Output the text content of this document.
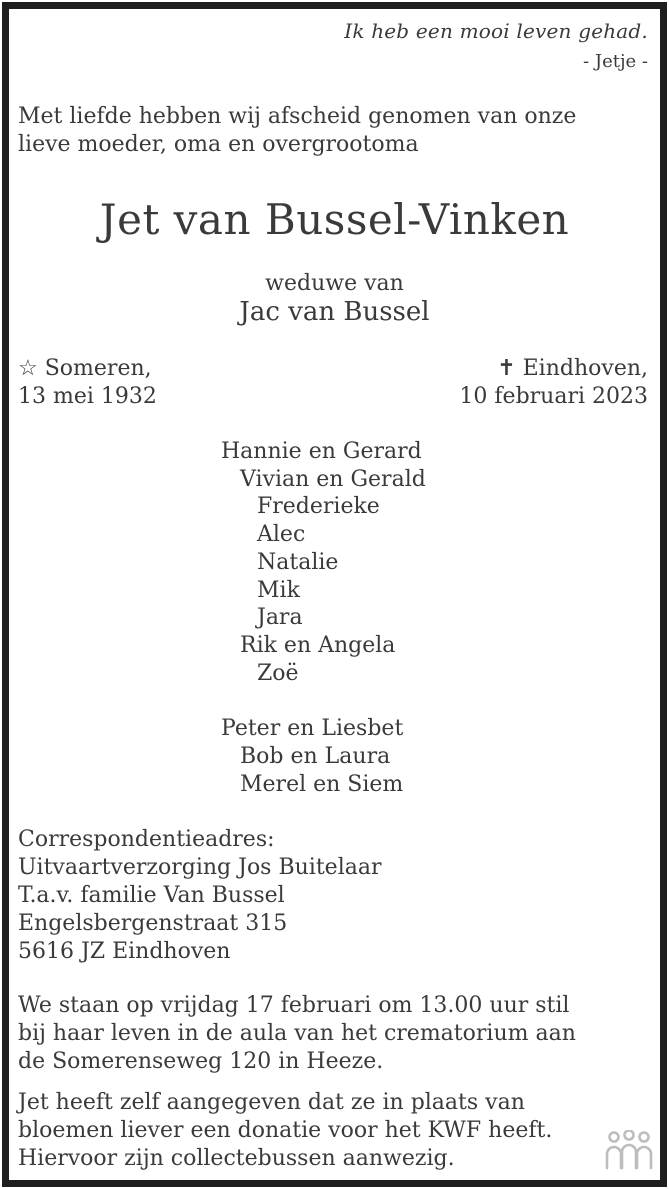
Ik heb een mooi leven gehad.
- Jetje -
Met liefde hebben wij afscheid genomen van onze
lieve moeder, oma en overgrootoma
Jet van Bussel-Vinken
weduwe van
Jac van Bussel
☆ Someren,
13 mei 1932
✝ Eindhoven,
10 februari 2023
Hannie en Gerard
Vivian en Gerald
Frederieke
Alec
Natalie
Mik
Jara
Rik en Angela
Zoë
Peter en Liesbet
Bob en Laura
Merel en Siem
Correspondentieadres:
Uitvaartverzorging Jos Buitelaar
T.a.v. familie Van Bussel
Engelsbergenstraat 315
5616 JZ Eindhoven
We staan op vrijdag 17 februari om 13.00 uur stil
bij haar leven in de aula van het crematorium aan
de Somerenseweg 120 in Heeze.
Jet heeft zelf aangegeven dat ze in plaats van
bloemen liever een donatie voor het KWF heeft.
Hiervoor zijn collectebussen aanwezig.
